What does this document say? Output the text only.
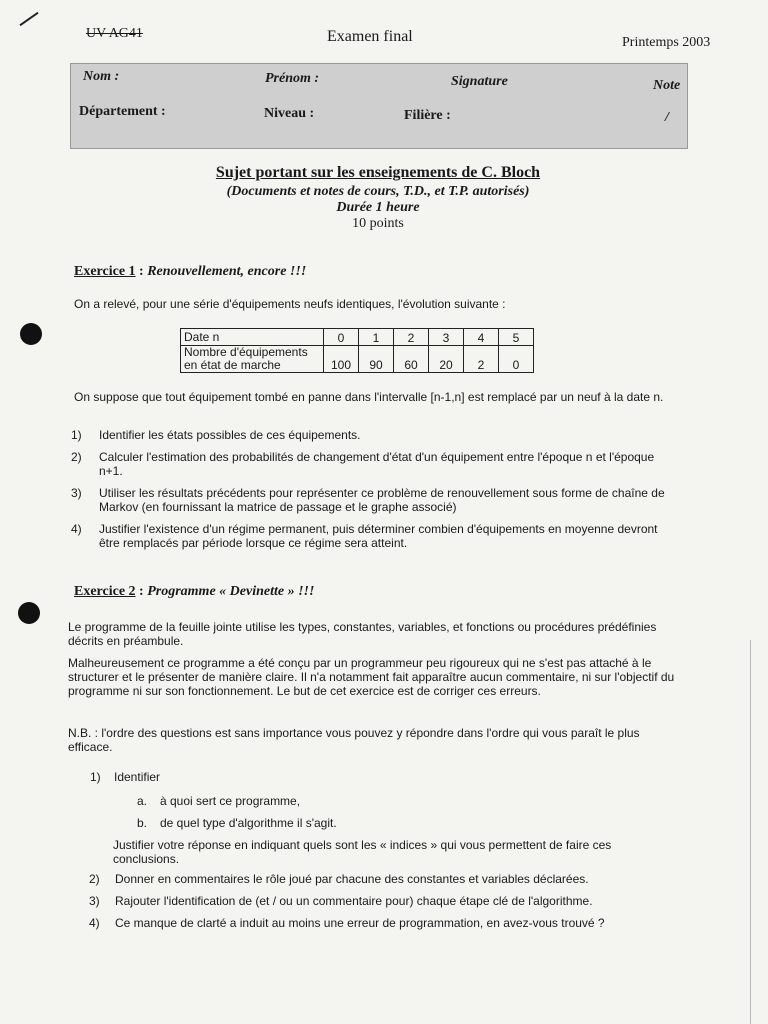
UV AG41	Examen final	Printemps 2003
Nom :	Prénom :	Signature	Note
Département :	Niveau :	Filière :	/
Sujet portant sur les enseignements de C. Bloch
(Documents et notes de cours, T.D., et T.P. autorisés)
Durée 1 heure
10 points
Exercice 1 : Renouvellement, encore !!!

On a relevé, pour une série d'équipements neufs identiques, l'évolution suivante :

Date n	0	1	2	3	4	5
Nombre d'équipements en état de marche	100	90	60	20	2	0

On suppose que tout équipement tombé en panne dans l'intervalle [n-1,n] est remplacé par un neuf à la date n.

1) Identifier les états possibles de ces équipements.

2) Calculer l'estimation des probabilités de changement d'état d'un équipement entre l'époque n et l'époque n+1.

3) Utiliser les résultats précédents pour représenter ce problème de renouvellement sous forme de chaîne de Markov (en fournissant la matrice de passage et le graphe associé)

4) Justifier l'existence d'un régime permanent, puis déterminer combien d'équipements en moyenne devront être remplacés par période lorsque ce régime sera atteint.

Exercice 2 : Programme « Devinette » !!!

Le programme de la feuille jointe utilise les types, constantes, variables, et fonctions ou procédures prédéfinies décrits en préambule.

Malheureusement ce programme a été conçu par un programmeur peu rigoureux qui ne s'est pas attaché à le structurer et le présenter de manière claire. Il n'a notamment fait apparaître aucun commentaire, ni sur l'objectif du programme ni sur son fonctionnement. Le but de cet exercice est de corriger ces erreurs.

N.B. : l'ordre des questions est sans importance vous pouvez y répondre dans l'ordre qui vous paraît le plus efficace.

1) Identifier

a. à quoi sert ce programme,

b. de quel type d'algorithme il s'agit.

Justifier votre réponse en indiquant quels sont les « indices » qui vous permettent de faire ces conclusions.

2) Donner en commentaires le rôle joué par chacune des constantes et variables déclarées.

3) Rajouter l'identification de (et / ou un commentaire pour) chaque étape clé de l'algorithme.

4) Ce manque de clarté a induit au moins une erreur de programmation, en avez-vous trouvé ?
